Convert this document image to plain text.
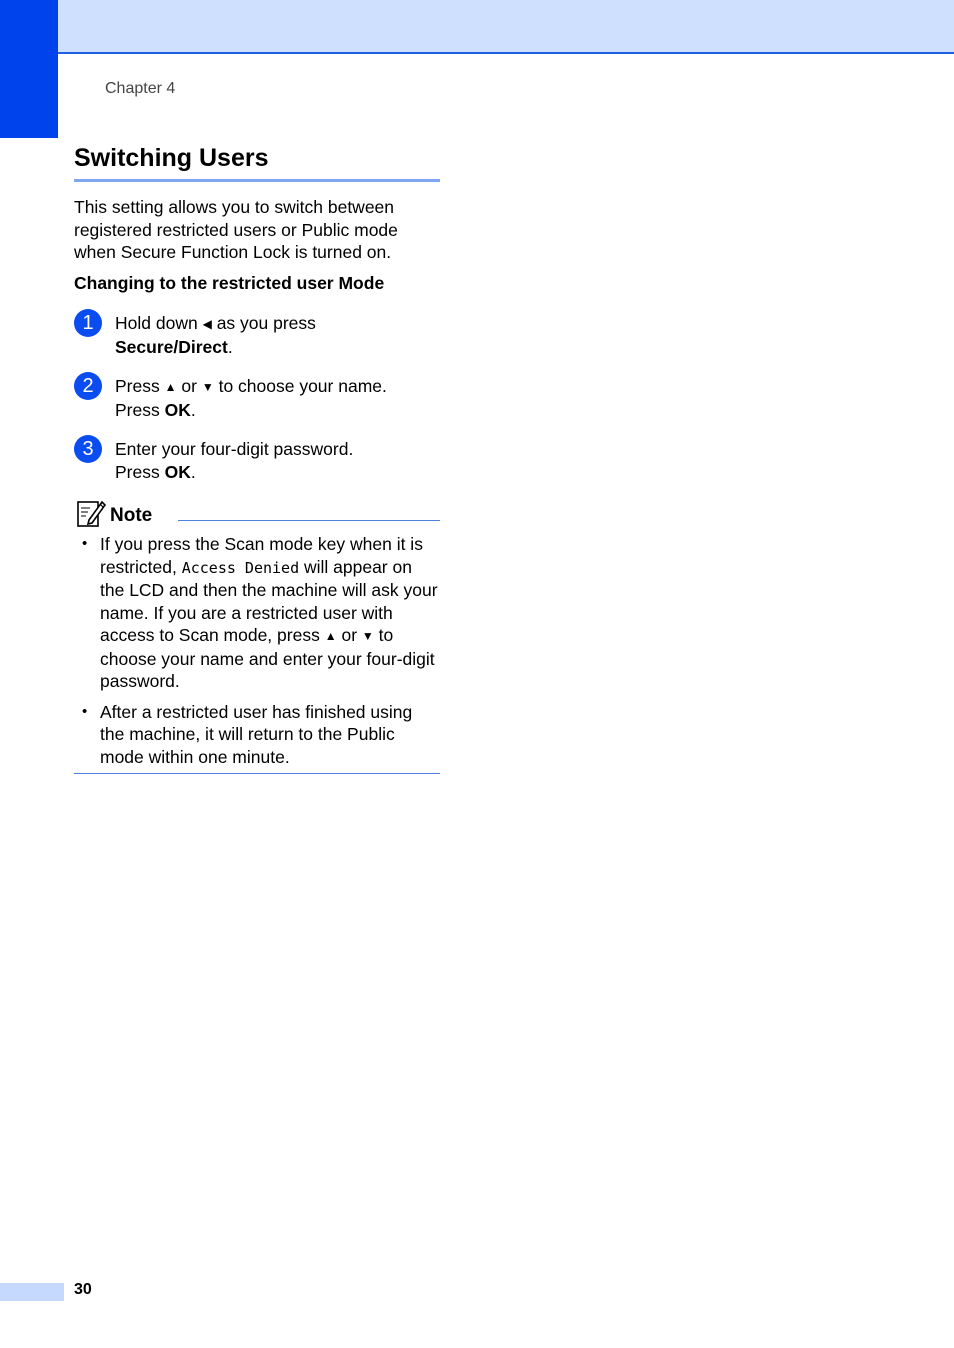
Chapter 4
Switching Users
This setting allows you to switch between registered restricted users or Public mode when Secure Function Lock is turned on.
Changing to the restricted user Mode
1	Hold down ◀ as you press
Secure/Direct.
2	Press ▲ or ▼ to choose your name.
Press OK.
3	Enter your four-digit password.
Press OK.
Note
• If you press the Scan mode key when it is restricted, Access Denied will appear on the LCD and then the machine will ask your name. If you are a restricted user with access to Scan mode, press ▲ or ▼ to choose your name and enter your four-digit password.
• After a restricted user has finished using the machine, it will return to the Public mode within one minute.
30
